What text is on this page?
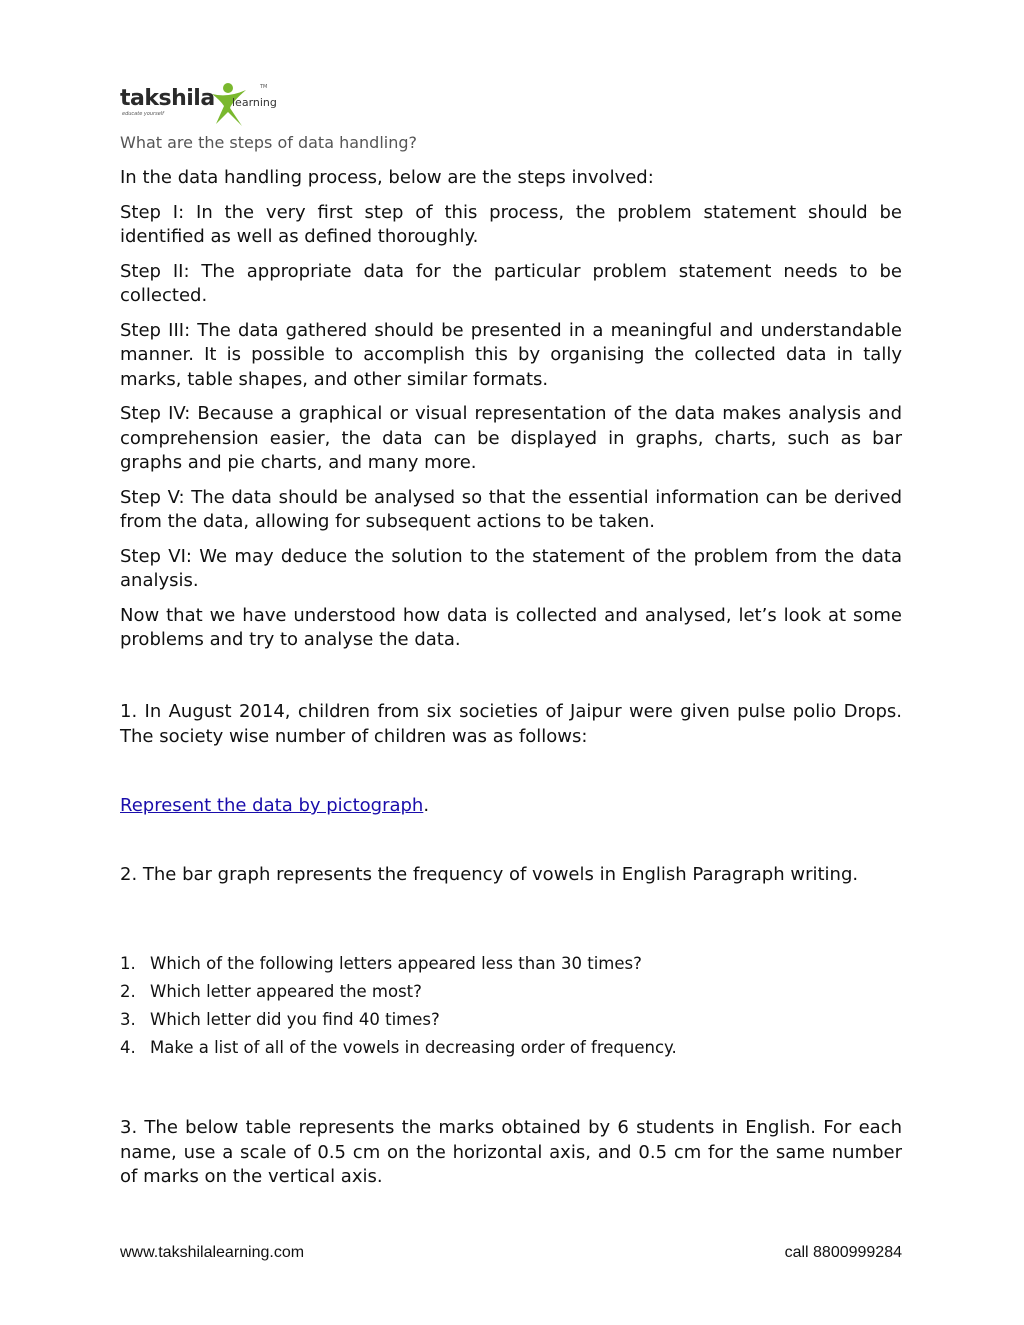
takshila	TM
learning
educate yourself
What are the steps of data handling?

In the data handling process, below are the steps involved:

Step I: In the very first step of this process, the problem statement should be identified as well as defined thoroughly.

Step II: The appropriate data for the particular problem statement needs to be collected.

Step III: The data gathered should be presented in a meaningful and understandable manner. It is possible to accomplish this by organising the collected data in tally marks, table shapes, and other similar formats.

Step IV: Because a graphical or visual representation of the data makes analysis and comprehension easier, the data can be displayed in graphs, charts, such as bar graphs and pie charts, and many more.

Step V: The data should be analysed so that the essential information can be derived from the data, allowing for subsequent actions to be taken.

Step VI: We may deduce the solution to the statement of the problem from the data analysis.

Now that we have understood how data is collected and analysed, let’s look at some problems and try to analyse the data.

1. In August 2014, children from six societies of Jaipur were given pulse polio Drops. The society wise number of children was as follows:

Represent the data by pictograph.

2. The bar graph represents the frequency of vowels in English Paragraph writing.

1. Which of the following letters appeared less than 30 times?
2. Which letter appeared the most?
3. Which letter did you find 40 times?
4. Make a list of all of the vowels in decreasing order of frequency.

3. The below table represents the marks obtained by 6 students in English. For each name, use a scale of 0.5 cm on the horizontal axis, and 0.5 cm for the same number of marks on the vertical axis.

www.takshilalearning.com	call 8800999284
